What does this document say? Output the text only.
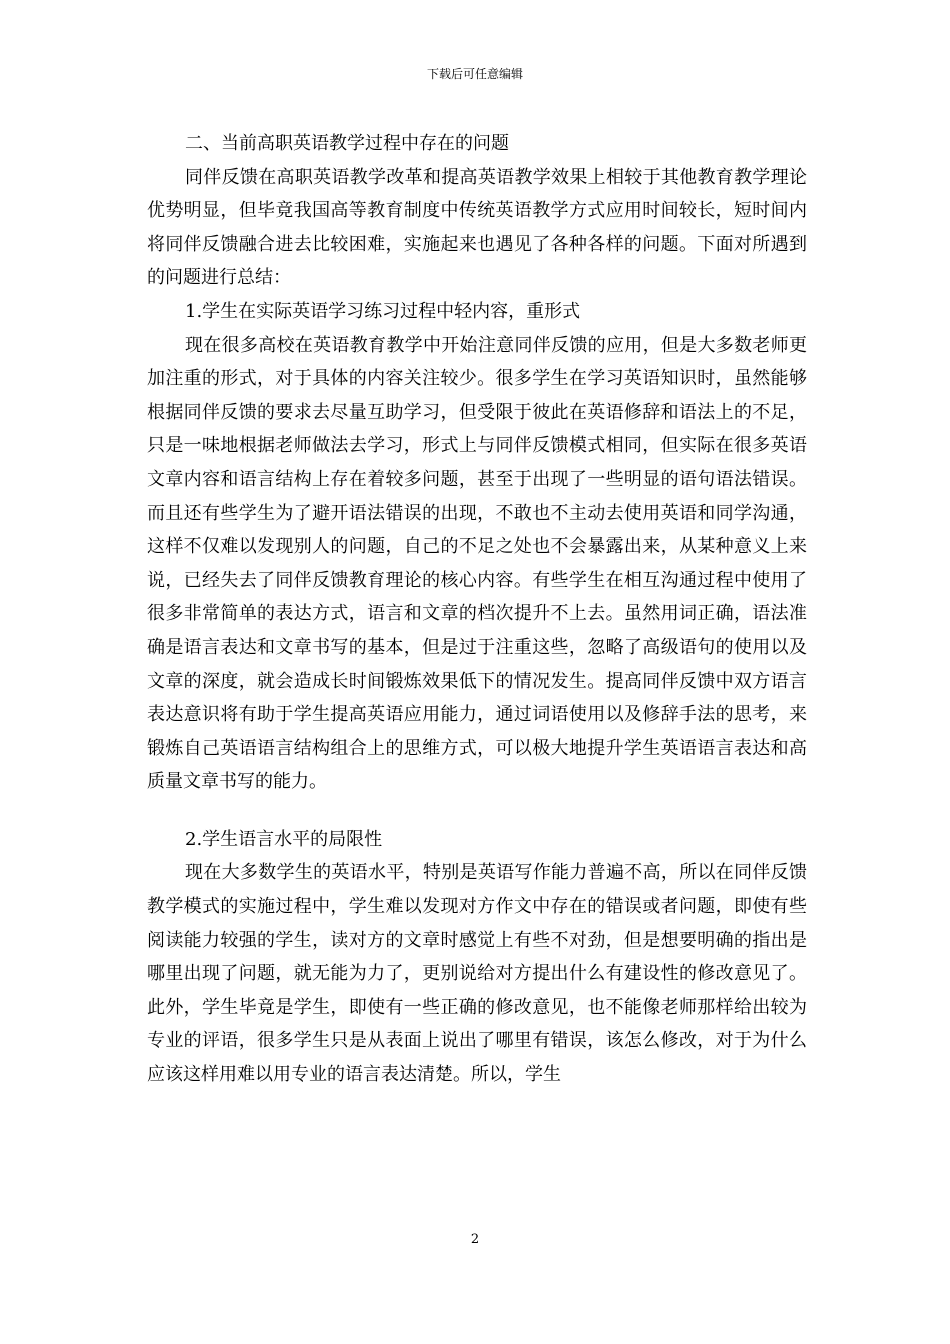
下载后可任意编辑

二、当前高职英语教学过程中存在的问题

同伴反馈在高职英语教学改革和提高英语教学效果上相较于其他教育教学理论优势明显，但毕竟我国高等教育制度中传统英语教学方式应用时间较长，短时间内将同伴反馈融合进去比较困难，实施起来也遇见了各种各样的问题。下面对所遇到的问题进行总结：

1.学生在实际英语学习练习过程中轻内容，重形式

现在很多高校在英语教育教学中开始注意同伴反馈的应用，但是大多数老师更加注重的形式，对于具体的内容关注较少。很多学生在学习英语知识时，虽然能够根据同伴反馈的要求去尽量互助学习，但受限于彼此在英语修辞和语法上的不足，只是一味地根据老师做法去学习，形式上与同伴反馈模式相同，但实际在很多英语文章内容和语言结构上存在着较多问题，甚至于出现了一些明显的语句语法错误。而且还有些学生为了避开语法错误的出现，不敢也不主动去使用英语和同学沟通，这样不仅难以发现别人的问题，自己的不足之处也不会暴露出来，从某种意义上来说，已经失去了同伴反馈教育理论的核心内容。有些学生在相互沟通过程中使用了很多非常简单的表达方式，语言和文章的档次提升不上去。虽然用词正确，语法准确是语言表达和文章书写的基本，但是过于注重这些，忽略了高级语句的使用以及文章的深度，就会造成长时间锻炼效果低下的情况发生。提高同伴反馈中双方语言表达意识将有助于学生提高英语应用能力，通过词语使用以及修辞手法的思考，来锻炼自己英语语言结构组合上的思维方式，可以极大地提升学生英语语言表达和高质量文章书写的能力。

2.学生语言水平的局限性

现在大多数学生的英语水平，特别是英语写作能力普遍不高，所以在同伴反馈教学模式的实施过程中，学生难以发现对方作文中存在的错误或者问题，即使有些阅读能力较强的学生，读对方的文章时感觉上有些不对劲，但是想要明确的指出是哪里出现了问题，就无能为力了，更别说给对方提出什么有建设性的修改意见了。此外，学生毕竟是学生，即使有一些正确的修改意见，也不能像老师那样给出较为专业的评语，很多学生只是从表面上说出了哪里有错误，该怎么修改，对于为什么应该这样用难以用专业的语言表达清楚。所以，学生

2
